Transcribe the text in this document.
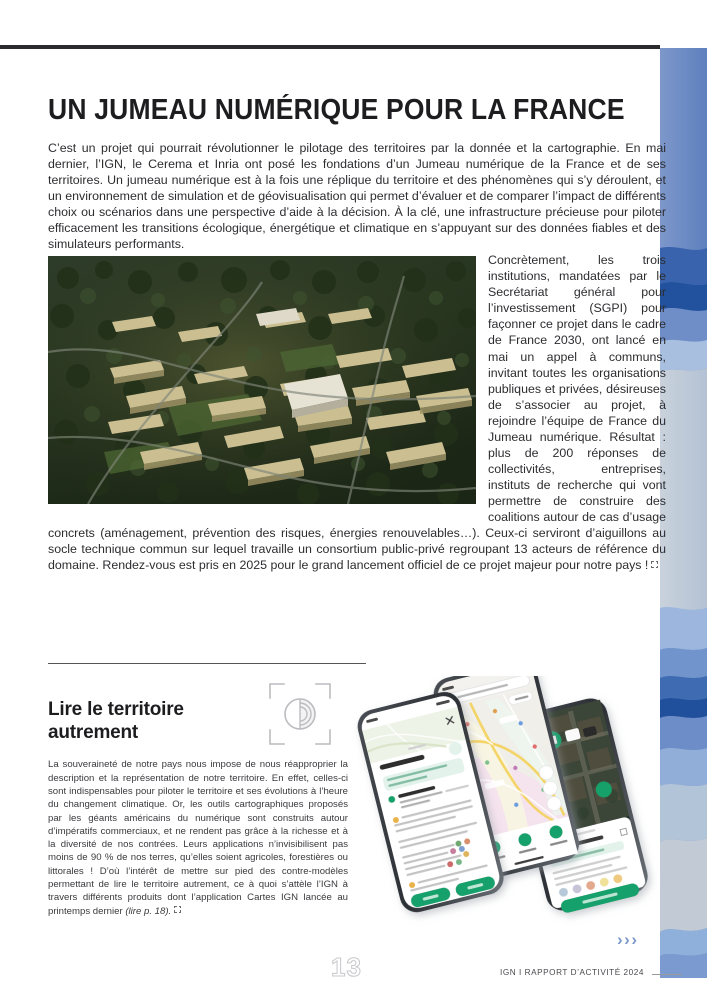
UN JUMEAU NUMÉRIQUE POUR LA FRANCE

C’est un projet qui pourrait révolutionner le pilotage des territoires par la donnée et la cartographie. En mai dernier, l’IGN, le Cerema et Inria ont posé les fondations d’un Jumeau numérique de la France et de ses territoires. Un jumeau numérique est à la fois une réplique du territoire et des phénomènes qui s’y déroulent, et un environnement de simulation et de géovisualisation qui permet d’évaluer et de comparer l’impact de différents choix ou scénarios dans une perspective d’aide à la décision. À la clé, une infrastructure précieuse pour piloter efficacement les transitions écologique, énergétique et climatique en s’appuyant sur des données fiables et des simulateurs performants.

Concrètement, les trois institutions, mandatées par le Secrétariat général pour l’investissement (SGPI) pour façonner ce projet dans le cadre de France 2030, ont lancé en mai un appel à communs, invitant toutes les organisations publiques et privées, désireuses de s’associer au projet, à rejoindre l’équipe de France du Jumeau numérique. Résultat : plus de 200 réponses de collectivités, entreprises, instituts de recherche qui vont permettre de construire des coalitions autour de cas d’usage concrets (aménagement, prévention des risques, énergies renouvelables…). Ceux-ci serviront d’aiguillons au socle technique commun sur lequel travaille un consortium public-privé regroupant 13 acteurs de référence du domaine. Rendez-vous est pris en 2025 pour le grand lancement officiel de ce projet majeur pour notre pays !

Lire le territoire
autrement
La souveraineté de notre pays nous impose de nous réapproprier la description et la représentation de notre territoire. En effet, celles-ci sont indispensables pour piloter le territoire et ses évolutions à l’heure du changement climatique. Or, les outils cartographiques proposés par les géants américains du numérique sont construits autour d’impératifs commerciaux, et ne rendent pas grâce à la richesse et à la diversité de nos contrées. Leurs applications n’invisibilisent pas moins de 90 % de nos terres, qu’elles soient agricoles, forestières ou littorales ! D’où l’intérêt de mettre sur pied des contre-modèles permettant de lire le territoire autrement, ce à quoi s’attèle l’IGN à travers différents produits dont l’application Cartes IGN lancée au printemps dernier (lire p. 18).
›››
13	IGN I RAPPORT D’ACTIVITÉ 2024
